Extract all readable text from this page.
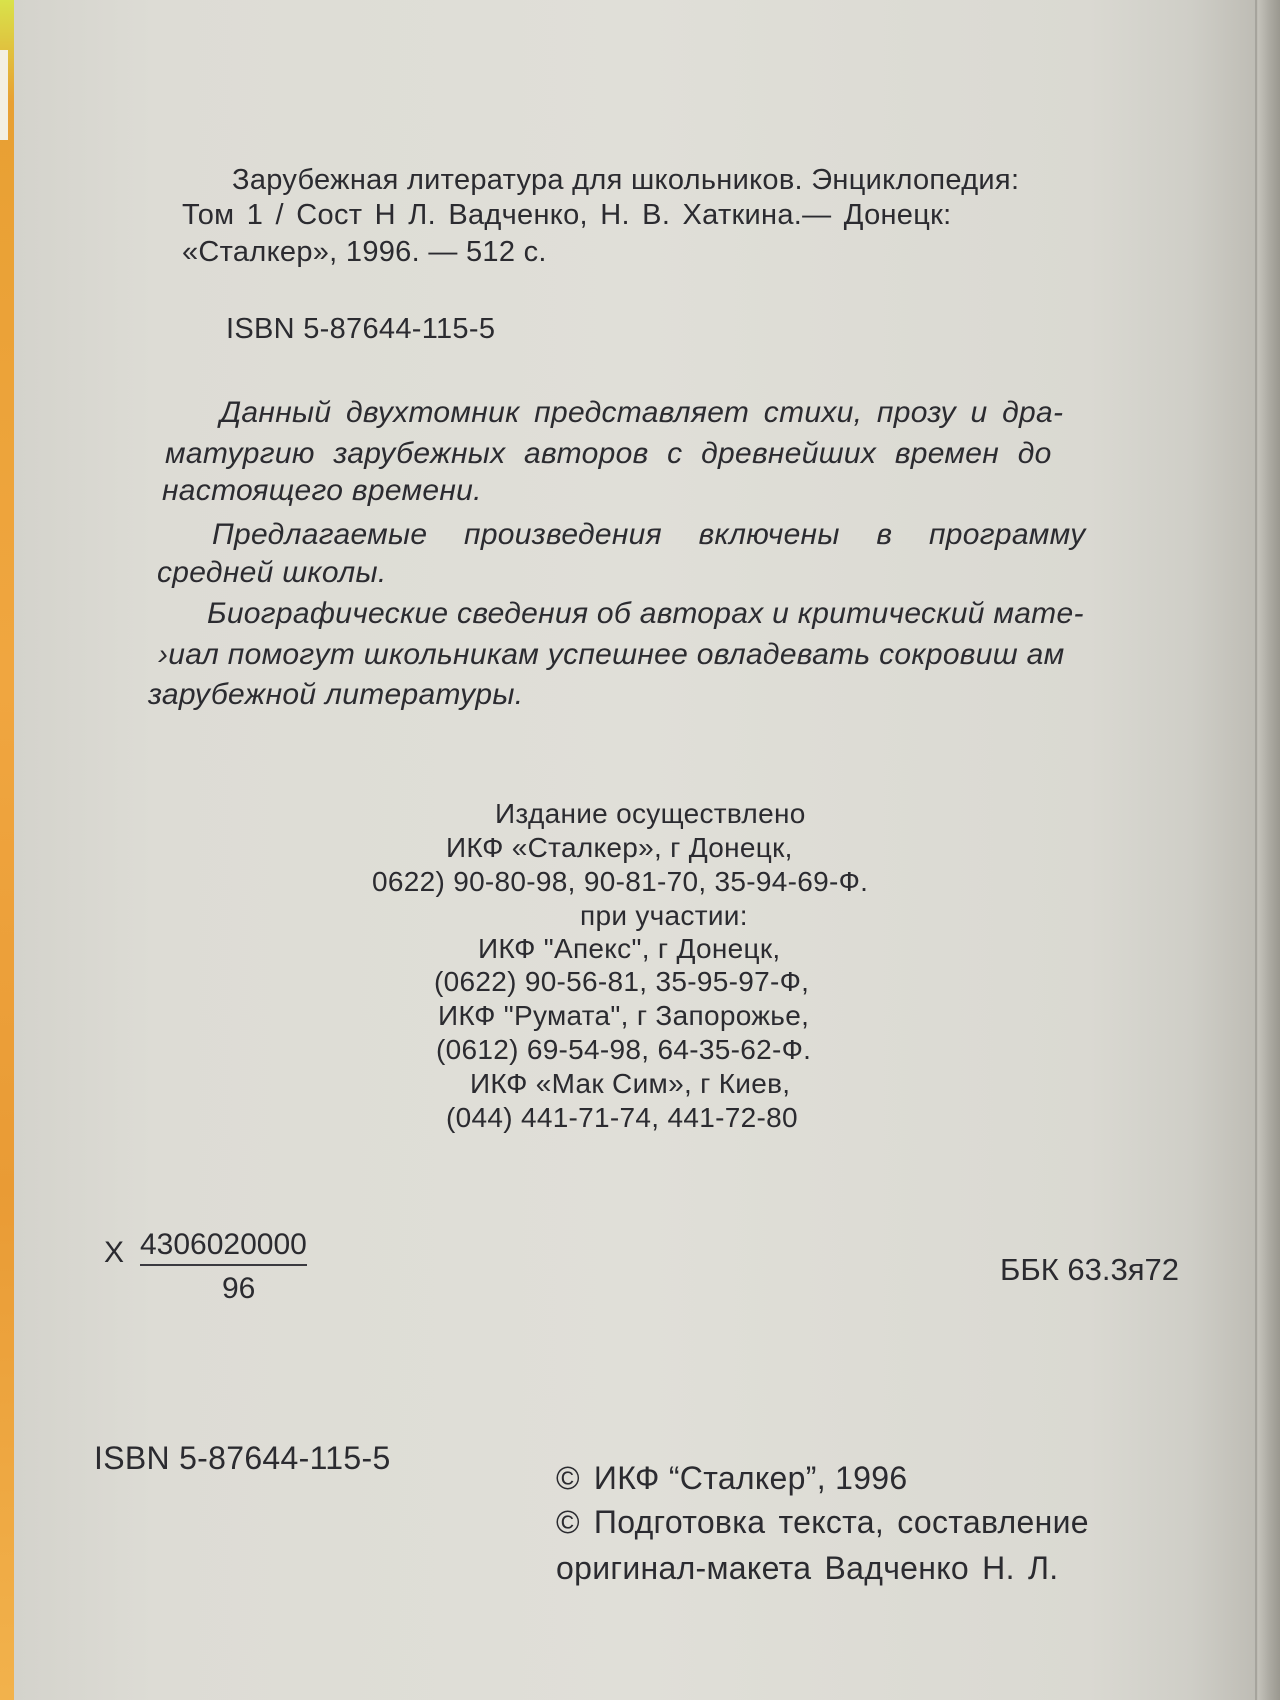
Зарубежная литература для школьников. Энциклопедия:
Том 1 / Сост Н Л. Вадченко, Н. В. Хаткина.— Донецк:
«Сталкер», 1996. — 512 с.
ISBN 5-87644-115-5
Данный двухтомник представляет стихи, прозу и дра-
матургию зарубежных авторов с древнейших времен до
настоящего времени.
Предлагаемые произведения включены в программу
средней школы.
Биографические сведения об авторах и критический мате-
›иал помогут школьникам успешнее овладевать сокровиш ам
зарубежной литературы.
Издание осуществлено
ИКФ «Сталкер», г Донецк,
0622) 90-80-98, 90-81-70, 35-94-69-Ф.
при участии:
ИКФ "Апекс", г Донецк,
(0622) 90-56-81, 35-95-97-Ф,
ИКФ "Румата", г Запорожье,
(0612) 69-54-98, 64-35-62-Ф.
ИКФ «Мак Сим», г Киев,
(044) 441-71-74, 441-72-80
Х 4306020000
96
ББК 63.3я72
ISBN 5-87644-115-5
© ИКФ “Сталкер”, 1996
© Подготовка текста, составление
оригинал-макета Вадченко Н. Л.
